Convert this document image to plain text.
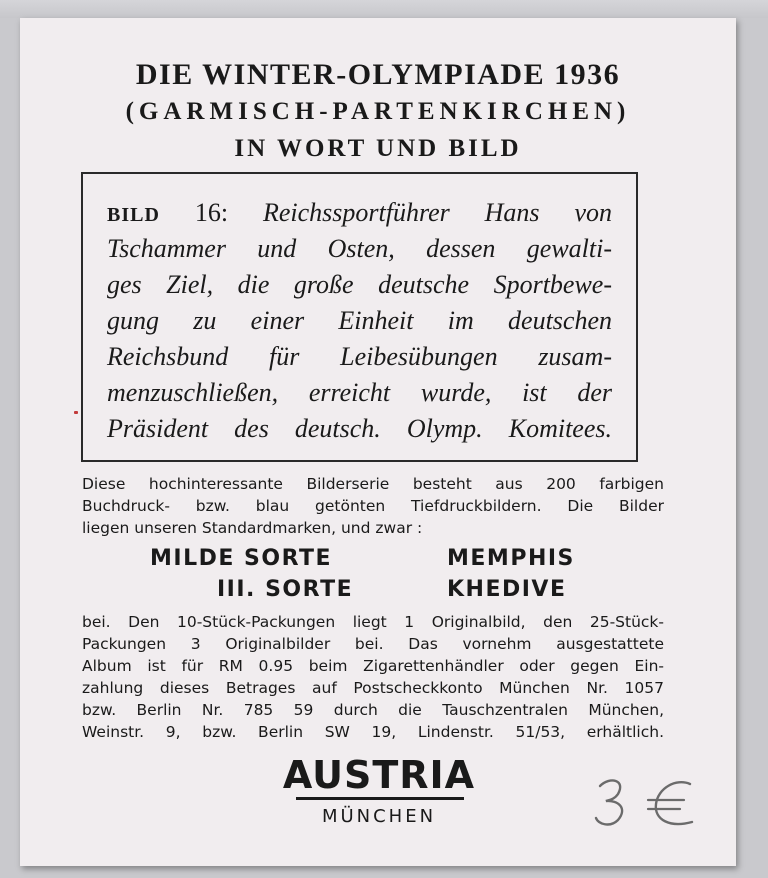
DIE WINTER-OLYMPIADE 1936
(GARMISCH-PARTENKIRCHEN)
IN WORT UND BILD
BILD 16: Reichssportführer Hans von
Tschammer und Osten, dessen gewalti-
ges Ziel, die große deutsche Sportbewe-
gung zu einer Einheit im deutschen
Reichsbund für Leibesübungen zusam-
menzuschließen, erreicht wurde, ist der
Präsident des deutsch. Olymp. Komitees.
Diese hochinteressante Bilderserie besteht aus 200 farbigen
Buchdruck- bzw. blau getönten Tiefdruckbildern. Die Bilder
liegen unseren Standardmarken, und zwar :
MILDE SORTE	MEMPHIS
III. SORTE	KHEDIVE
bei. Den 10-Stück-Packungen liegt 1 Originalbild, den 25-Stück-
Packungen 3 Originalbilder bei. Das vornehm ausgestattete
Album ist für RM 0.95 beim Zigarettenhändler oder gegen Ein-
zahlung dieses Betrages auf Postscheckkonto München Nr. 1057
bzw. Berlin Nr. 785 59 durch die Tauschzentralen München,
Weinstr. 9, bzw. Berlin SW 19, Lindenstr. 51/53, erhältlich.
AUSTRIA
MÜNCHEN
